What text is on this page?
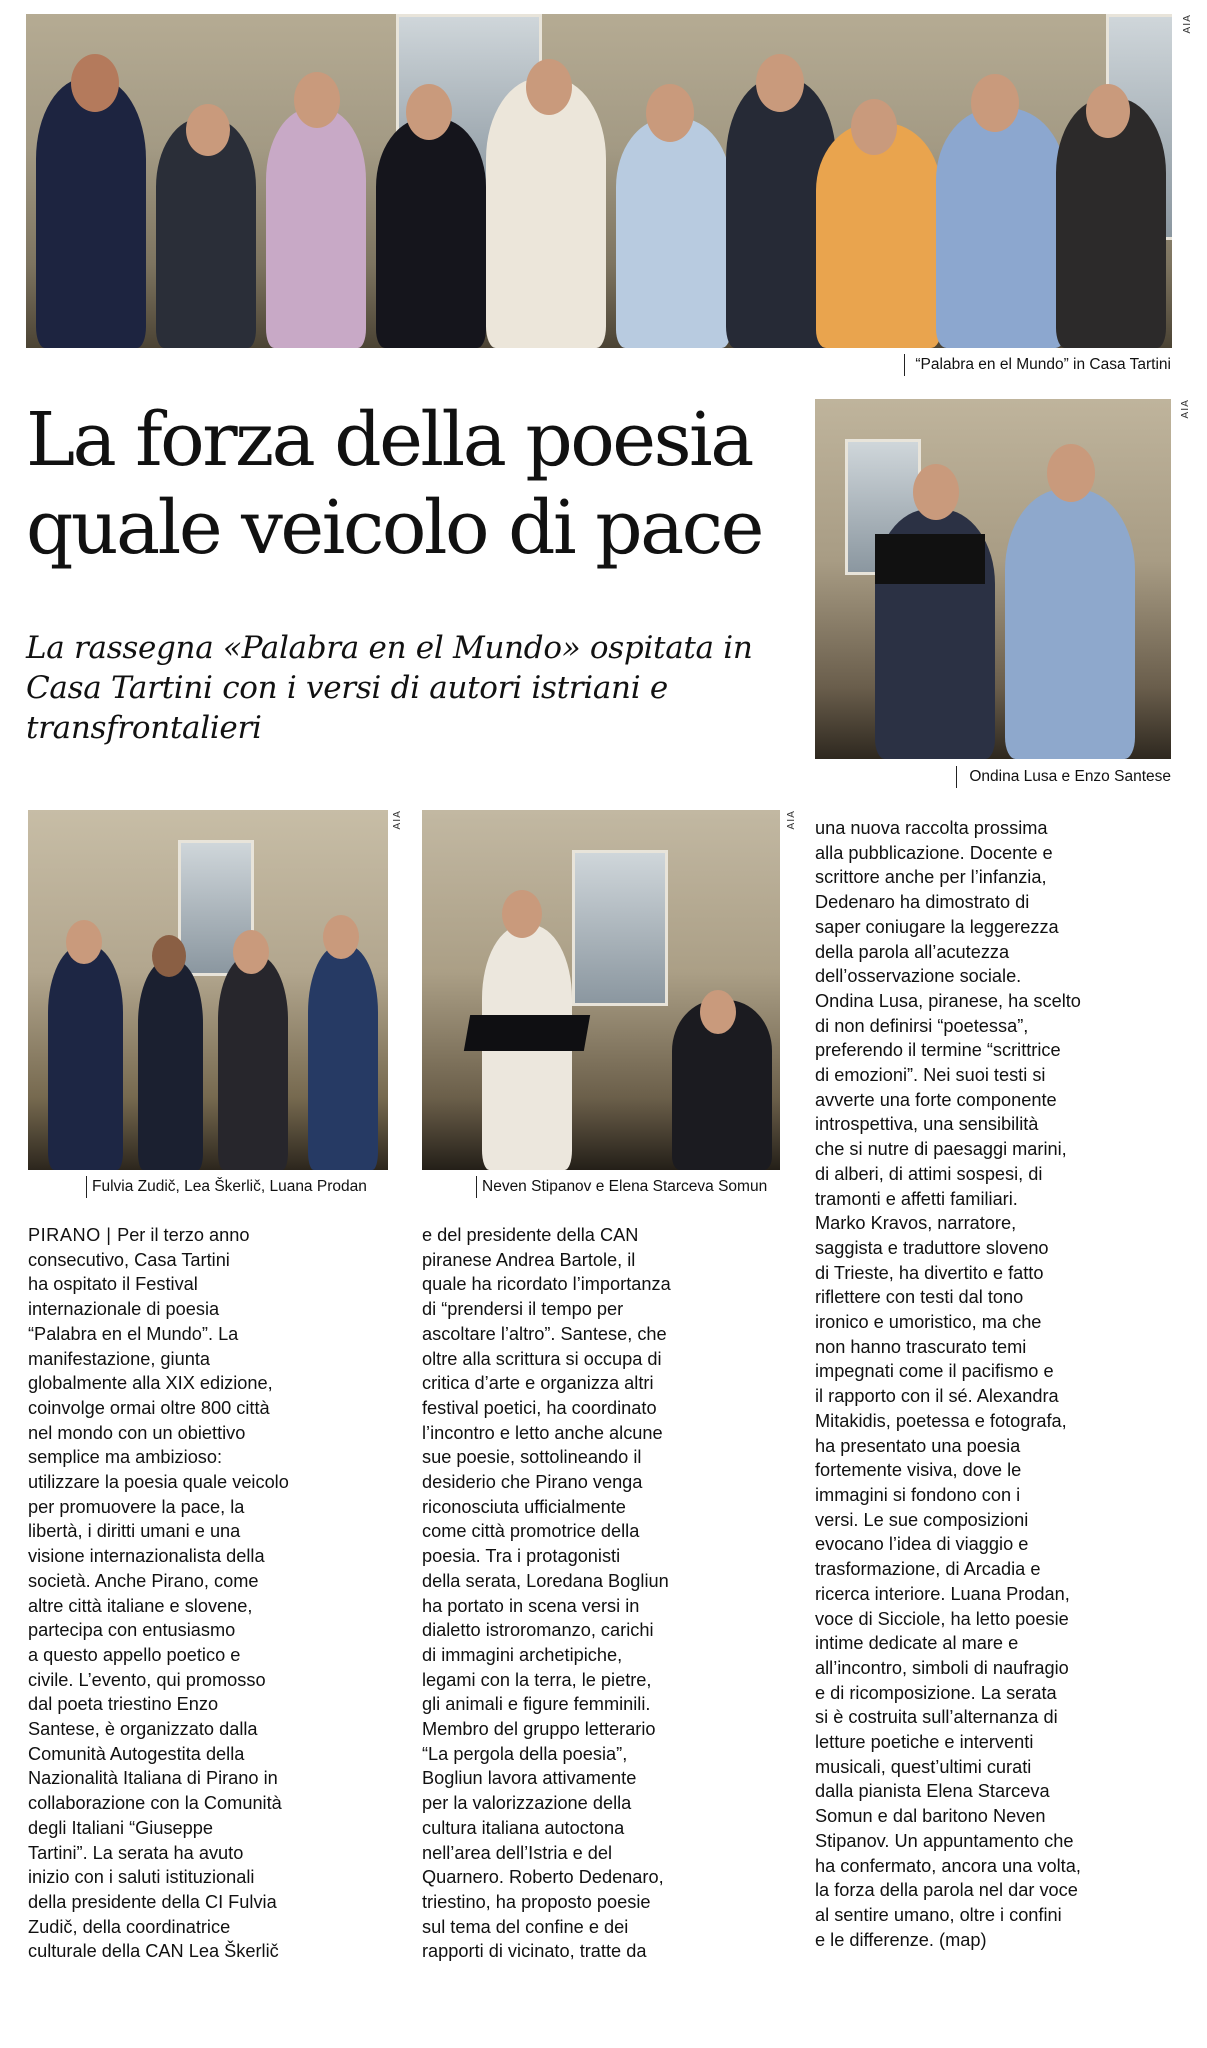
AIA
“Palabra en el Mundo” in Casa Tartini
La forza della poesia quale veicolo di pace
La rassegna «Palabra en el Mundo» ospitata in Casa Tartini con i versi di autori istriani e transfrontalieri
AIA
Ondina Lusa e Enzo Santese
AIA
Fulvia Zudič, Lea Škerlič, Luana Prodan
AIA
Neven Stipanov e Elena Starceva Somun
PIRANO | Per il terzo anno
consecutivo, Casa Tartini
ha ospitato il Festival
internazionale di poesia
“Palabra en el Mundo”. La
manifestazione, giunta
globalmente alla XIX edizione,
coinvolge ormai oltre 800 città
nel mondo con un obiettivo
semplice ma ambizioso:
utilizzare la poesia quale veicolo
per promuovere la pace, la
libertà, i diritti umani e una
visione internazionalista della
società. Anche Pirano, come
altre città italiane e slovene,
partecipa con entusiasmo
a questo appello poetico e
civile. L’evento, qui promosso
dal poeta triestino Enzo
Santese, è organizzato dalla
Comunità Autogestita della
Nazionalità Italiana di Pirano in
collaborazione con la Comunità
degli Italiani “Giuseppe
Tartini”. La serata ha avuto
inizio con i saluti istituzionali
della presidente della CI Fulvia
Zudič, della coordinatrice
culturale della CAN Lea Škerlič
e del presidente della CAN
piranese Andrea Bartole, il
quale ha ricordato l’importanza
di “prendersi il tempo per
ascoltare l’altro”. Santese, che
oltre alla scrittura si occupa di
critica d’arte e organizza altri
festival poetici, ha coordinato
l’incontro e letto anche alcune
sue poesie, sottolineando il
desiderio che Pirano venga
riconosciuta ufficialmente
come città promotrice della
poesia. Tra i protagonisti
della serata, Loredana Bogliun
ha portato in scena versi in
dialetto istroromanzo, carichi
di immagini archetipiche,
legami con la terra, le pietre,
gli animali e figure femminili.
Membro del gruppo letterario
“La pergola della poesia”,
Bogliun lavora attivamente
per la valorizzazione della
cultura italiana autoctona
nell’area dell’Istria e del
Quarnero. Roberto Dedenaro,
triestino, ha proposto poesie
sul tema del confine e dei
rapporti di vicinato, tratte da
una nuova raccolta prossima
alla pubblicazione. Docente e
scrittore anche per l’infanzia,
Dedenaro ha dimostrato di
saper coniugare la leggerezza
della parola all’acutezza
dell’osservazione sociale.
Ondina Lusa, piranese, ha scelto
di non definirsi “poetessa”,
preferendo il termine “scrittrice
di emozioni”. Nei suoi testi si
avverte una forte componente
introspettiva, una sensibilità
che si nutre di paesaggi marini,
di alberi, di attimi sospesi, di
tramonti e affetti familiari.
Marko Kravos, narratore,
saggista e traduttore sloveno
di Trieste, ha divertito e fatto
riflettere con testi dal tono
ironico e umoristico, ma che
non hanno trascurato temi
impegnati come il pacifismo e
il rapporto con il sé. Alexandra
Mitakidis, poetessa e fotografa,
ha presentato una poesia
fortemente visiva, dove le
immagini si fondono con i
versi. Le sue composizioni
evocano l’idea di viaggio e
trasformazione, di Arcadia e
ricerca interiore. Luana Prodan,
voce di Sicciole, ha letto poesie
intime dedicate al mare e
all’incontro, simboli di naufragio
e di ricomposizione. La serata
si è costruita sull’alternanza di
letture poetiche e interventi
musicali, quest’ultimi curati
dalla pianista Elena Starceva
Somun e dal baritono Neven
Stipanov. Un appuntamento che
ha confermato, ancora una volta,
la forza della parola nel dar voce
al sentire umano, oltre i confini
e le differenze. (map)
